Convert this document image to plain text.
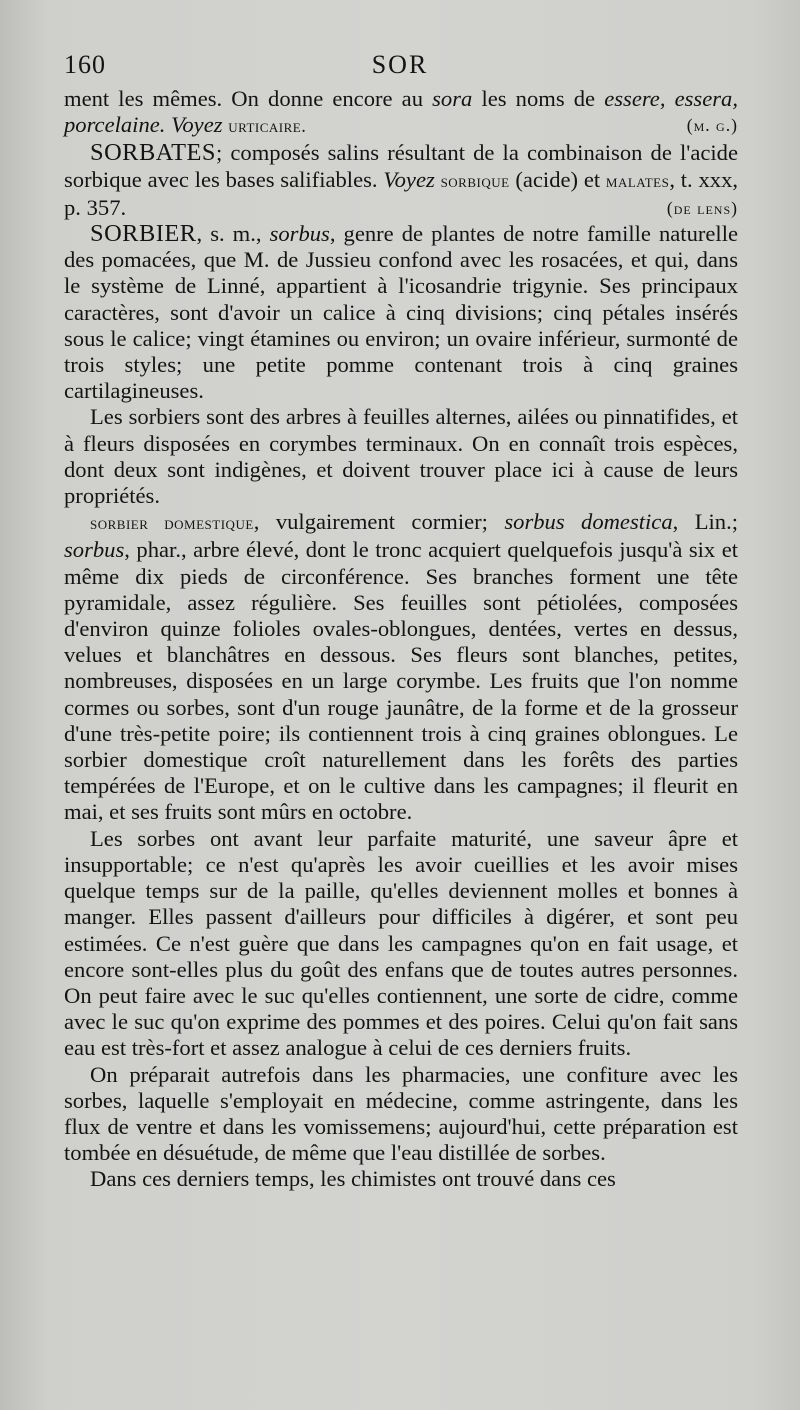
160	SOR

ment les mêmes. On donne encore au sora les noms de essere, essera, porcelaine. Voyez urticaire.	(m. g.)

SORBATES; composés salins résultant de la combinaison de l'acide sorbique avec les bases salifiables. Voyez sorbique (acide) et malates, t. xxx, p. 357.	(de lens)

SORBIER, s. m., sorbus, genre de plantes de notre famille naturelle des pomacées, que M. de Jussieu confond avec les rosacées, et qui, dans le système de Linné, appartient à l'icosandrie trigynie. Ses principaux caractères, sont d'avoir un calice à cinq divisions; cinq pétales insérés sous le calice; vingt étamines ou environ; un ovaire inférieur, surmonté de trois styles; une petite pomme contenant trois à cinq graines cartilagineuses.

Les sorbiers sont des arbres à feuilles alternes, ailées ou pinnatifides, et à fleurs disposées en corymbes terminaux. On en connaît trois espèces, dont deux sont indigènes, et doivent trouver place ici à cause de leurs propriétés.

sorbier domestique, vulgairement cormier; sorbus domestica, Lin.; sorbus, phar., arbre élevé, dont le tronc acquiert quelquefois jusqu'à six et même dix pieds de circonférence. Ses branches forment une tête pyramidale, assez régulière. Ses feuilles sont pétiolées, composées d'environ quinze folioles ovales-oblongues, dentées, vertes en dessus, velues et blanchâtres en dessous. Ses fleurs sont blanches, petites, nombreuses, disposées en un large corymbe. Les fruits que l'on nomme cormes ou sorbes, sont d'un rouge jaunâtre, de la forme et de la grosseur d'une très-petite poire; ils contiennent trois à cinq graines oblongues. Le sorbier domestique croît naturellement dans les forêts des parties tempérées de l'Europe, et on le cultive dans les campagnes; il fleurit en mai, et ses fruits sont mûrs en octobre.

Les sorbes ont avant leur parfaite maturité, une saveur âpre et insupportable; ce n'est qu'après les avoir cueillies et les avoir mises quelque temps sur de la paille, qu'elles deviennent molles et bonnes à manger. Elles passent d'ailleurs pour difficiles à digérer, et sont peu estimées. Ce n'est guère que dans les campagnes qu'on en fait usage, et encore sont-elles plus du goût des enfans que de toutes autres personnes. On peut faire avec le suc qu'elles contiennent, une sorte de cidre, comme avec le suc qu'on exprime des pommes et des poires. Celui qu'on fait sans eau est très-fort et assez analogue à celui de ces derniers fruits.

On préparait autrefois dans les pharmacies, une confiture avec les sorbes, laquelle s'employait en médecine, comme astringente, dans les flux de ventre et dans les vomissemens; aujourd'hui, cette préparation est tombée en désuétude, de même que l'eau distillée de sorbes.

Dans ces derniers temps, les chimistes ont trouvé dans ces
